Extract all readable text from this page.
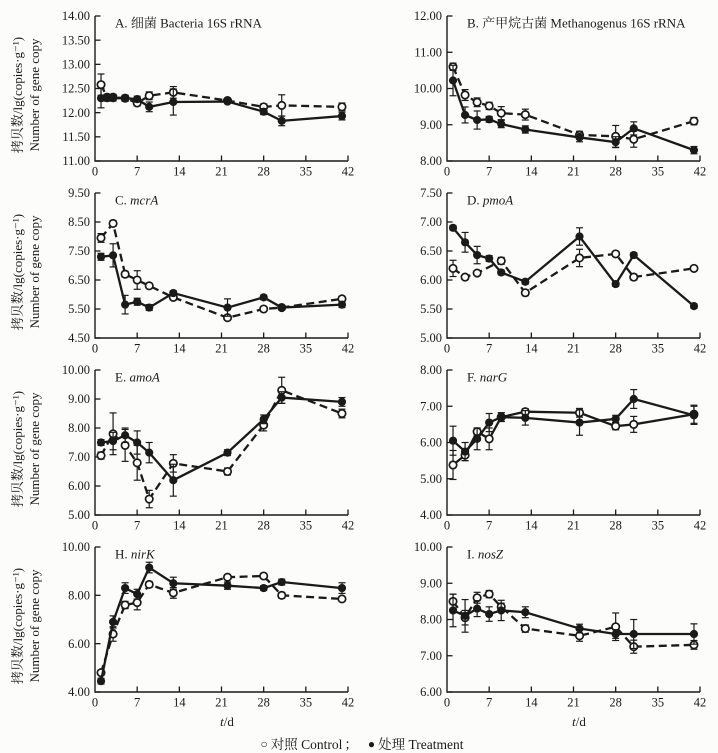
拷贝数/lg(copies·g⁻¹) Number of gene copy
11.00
11.50
12.00
12.50
13.00
13.50
14.00
0	7	14 21 28 35 42
A. 细菌 Bacteria 16S rRNA
8.00
9.00
10.00
11.00
12.00
0	7	14 21 28 35 42
B. 产甲烷古菌 Methanogenus 16S rRNA
拷贝数/lg(copies·g⁻¹) Number of gene copy
4.50
5.50
6.50
7.50
8.50
9.50
0	7	14 21 28 35 42
C. mcrA
5.00
5.50
6.00
6.50
7.00
7.50
0	7	14 21 28 35 42
D. pmoA
拷贝数/lg(copies·g⁻¹) Number of gene copy
5.00
6.00
7.00
8.00
9.00
10.00
0	7	14 21 28 35 42
E. amoA
4.00
5.00
6.00
7.00
8.00
0	7	14 21 28 35 42
F. narG
拷贝数/lg(copies·g⁻¹) Number of gene copy
4.00
6.00
8.00
10.00
0	7	14 21 28 35 42
H. nirK
6.00
7.00
8.00
9.00
10.00
0	7	14 21 28 35 42
I. nosZ
t/d	t/d
○ 对照 Control ； ● 处理 Treatment
